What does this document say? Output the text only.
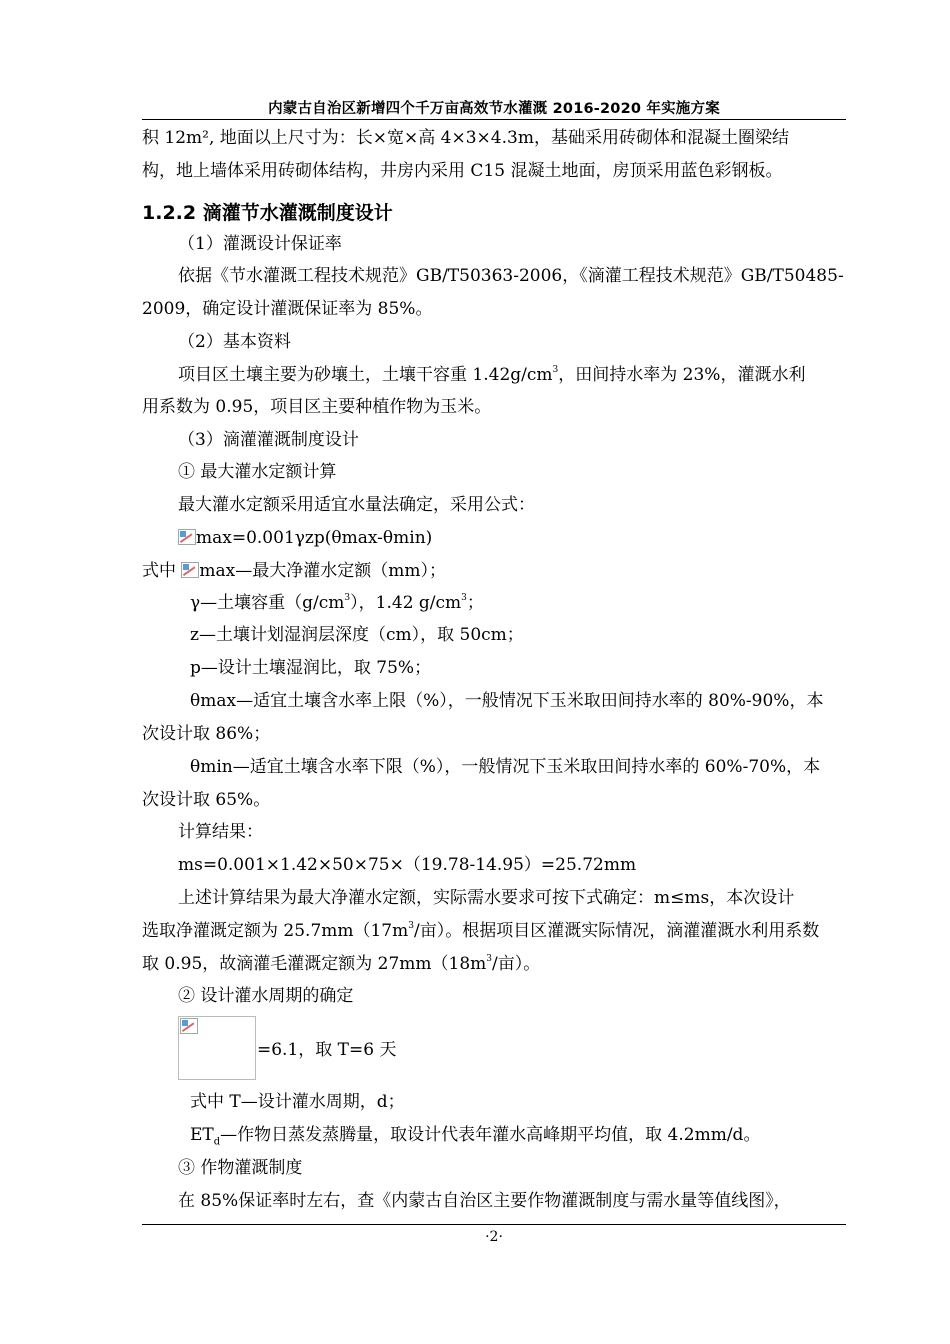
内蒙古自治区新增四个千万亩高效节水灌溉 2016-2020 年实施方案
积 12m², 地面以上尺寸为：长×宽×高 4×3×4.3m，基础采用砖砌体和混凝土圈梁结
构，地上墙体采用砖砌体结构，井房内采用 C15 混凝土地面，房顶采用蓝色彩钢板。
1.2.2 滴灌节水灌溉制度设计
（1）灌溉设计保证率
依据《节水灌溉工程技术规范》GB/T50363-2006，《滴灌工程技术规范》GB/T50485-
2009，确定设计灌溉保证率为 85%。
（2）基本资料
项目区土壤主要为砂壤土，土壤干容重 $1.42g/cm^3$，田间持水率为 23%，灌溉水利
用系数为 0.95，项目区主要种植作物为玉米。
（3）滴灌灌溉制度设计
① 最大灌水定额计算
最大灌水定额采用适宜水量法确定，采用公式：
max=0.001γzp(θmax-θmin)
式中 max—最大净灌水定额（mm）；
γ—土壤容重$(g/cm^3)$，1.42 $g/cm^3$；
z—土壤计划湿润层深度（cm），取 50cm；
p—设计土壤湿润比，取 75%；
θmax—适宜土壤含水率上限（%），一般情况下玉米取田间持水率的 80%-90%，本
次设计取 86%；
θmin—适宜土壤含水率下限（%），一般情况下玉米取田间持水率的 60%-70%，本
次设计取 65%。
计算结果：
ms=0.001×1.42×50×75×（19.78-14.95）=25.72mm
上述计算结果为最大净灌水定额，实际需水要求可按下式确定：m≤ms，本次设计
选取净灌溉定额为 $25.7mm(17m^3/$亩）。根据项目区灌溉实际情况，滴灌灌溉水利用系数
取 0.95，故滴灌毛灌溉定额为 $27mm(18m^3/$亩）。
② 设计灌水周期的确定
=6.1，取 T=6 天
式中 T—设计灌水周期，d；
$ET_d—$作物日蒸发蒸腾量，取设计代表年灌水高峰期平均值，取 4.2mm/d。
③ 作物灌溉制度
在 85%保证率时左右，查《内蒙古自治区主要作物灌溉制度与需水量等值线图》，
·2·
